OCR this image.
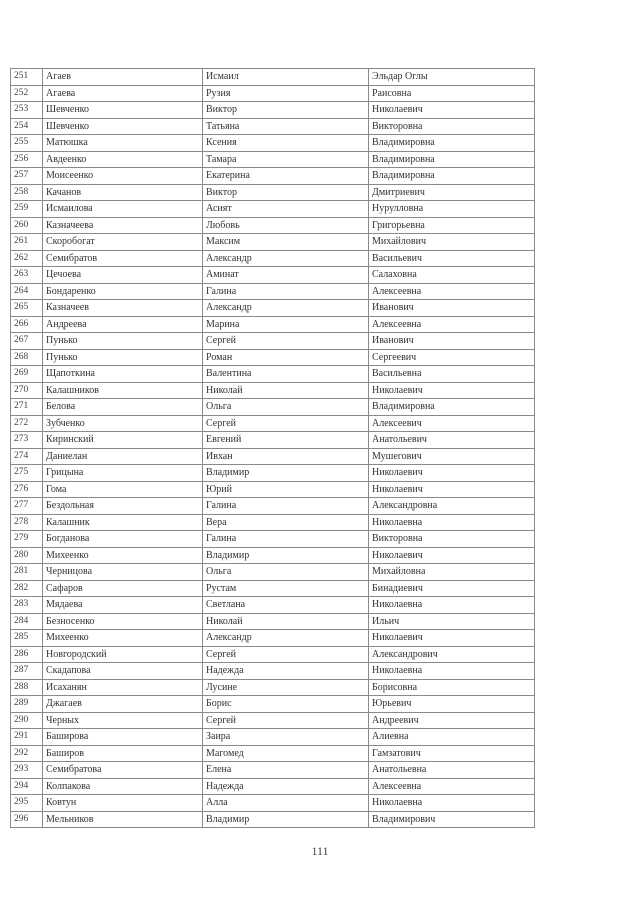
251	Агаев	Исмаил	Эльдар Оглы
252	Агаева	Рузия	Раисовна
253	Шевченко	Виктор	Николаевич
254	Шевченко	Татьяна	Викторовна
255	Матюшка	Ксения	Владимировна
256	Авдеенко	Тамара	Владимировна
257	Моисеенко	Екатерина	Владимировна
258	Качанов	Виктор	Дмитриевич
259	Исмаилова	Асият	Нурулловна
260	Казначеева	Любовь	Григорьевна
261	Скоробогат	Максим	Михайлович
262	Семибратов	Александр	Васильевич
263	Цечоева	Аминат	Салаховна
264	Бондаренко	Галина	Алексеевна
265	Казначеев	Александр	Иванович
266	Андреева	Марина	Алексеевна
267	Пунько	Сергей	Иванович
268	Пунько	Роман	Сергеевич
269	Щапоткина	Валентина	Васильевна
270	Калашников	Николай	Николаевич
271	Белова	Ольга	Владимировна
272	Зубченко	Сергей	Алексеевич
273	Киринский	Евгений	Анатольевич
274	Даниелан	Ивхан	Мушегович
275	Грицына	Владимир	Николаевич
276	Гома	Юрий	Николаевич
277	Бездольная	Галина	Александровна
278	Калашник	Вера	Николаевна
279	Богданова	Галина	Викторовна
280	Михеенко	Владимир	Николаевич
281	Черницова	Ольга	Михайловна
282	Сафаров	Рустам	Бинадиевич
283	Мядаева	Светлана	Николаевна
284	Безносенко	Николай	Ильич
285	Михеенко	Александр	Николаевич
286	Новгородский	Сергей	Александрович
287	Скадапова	Надежда	Николаевна
288	Исаханян	Лусине	Борисовна
289	Джагаев	Борис	Юрьевич
290	Черных	Сергей	Андреевич
291	Баширова	Заира	Алиевна
292	Баширов	Магомед	Гамзатович
293	Семибратова	Елена	Анатольевна
294	Колпакова	Надежда	Алексеевна
295	Ковтун	Алла	Николаевна
296	Мельников	Владимир	Владимирович
111
